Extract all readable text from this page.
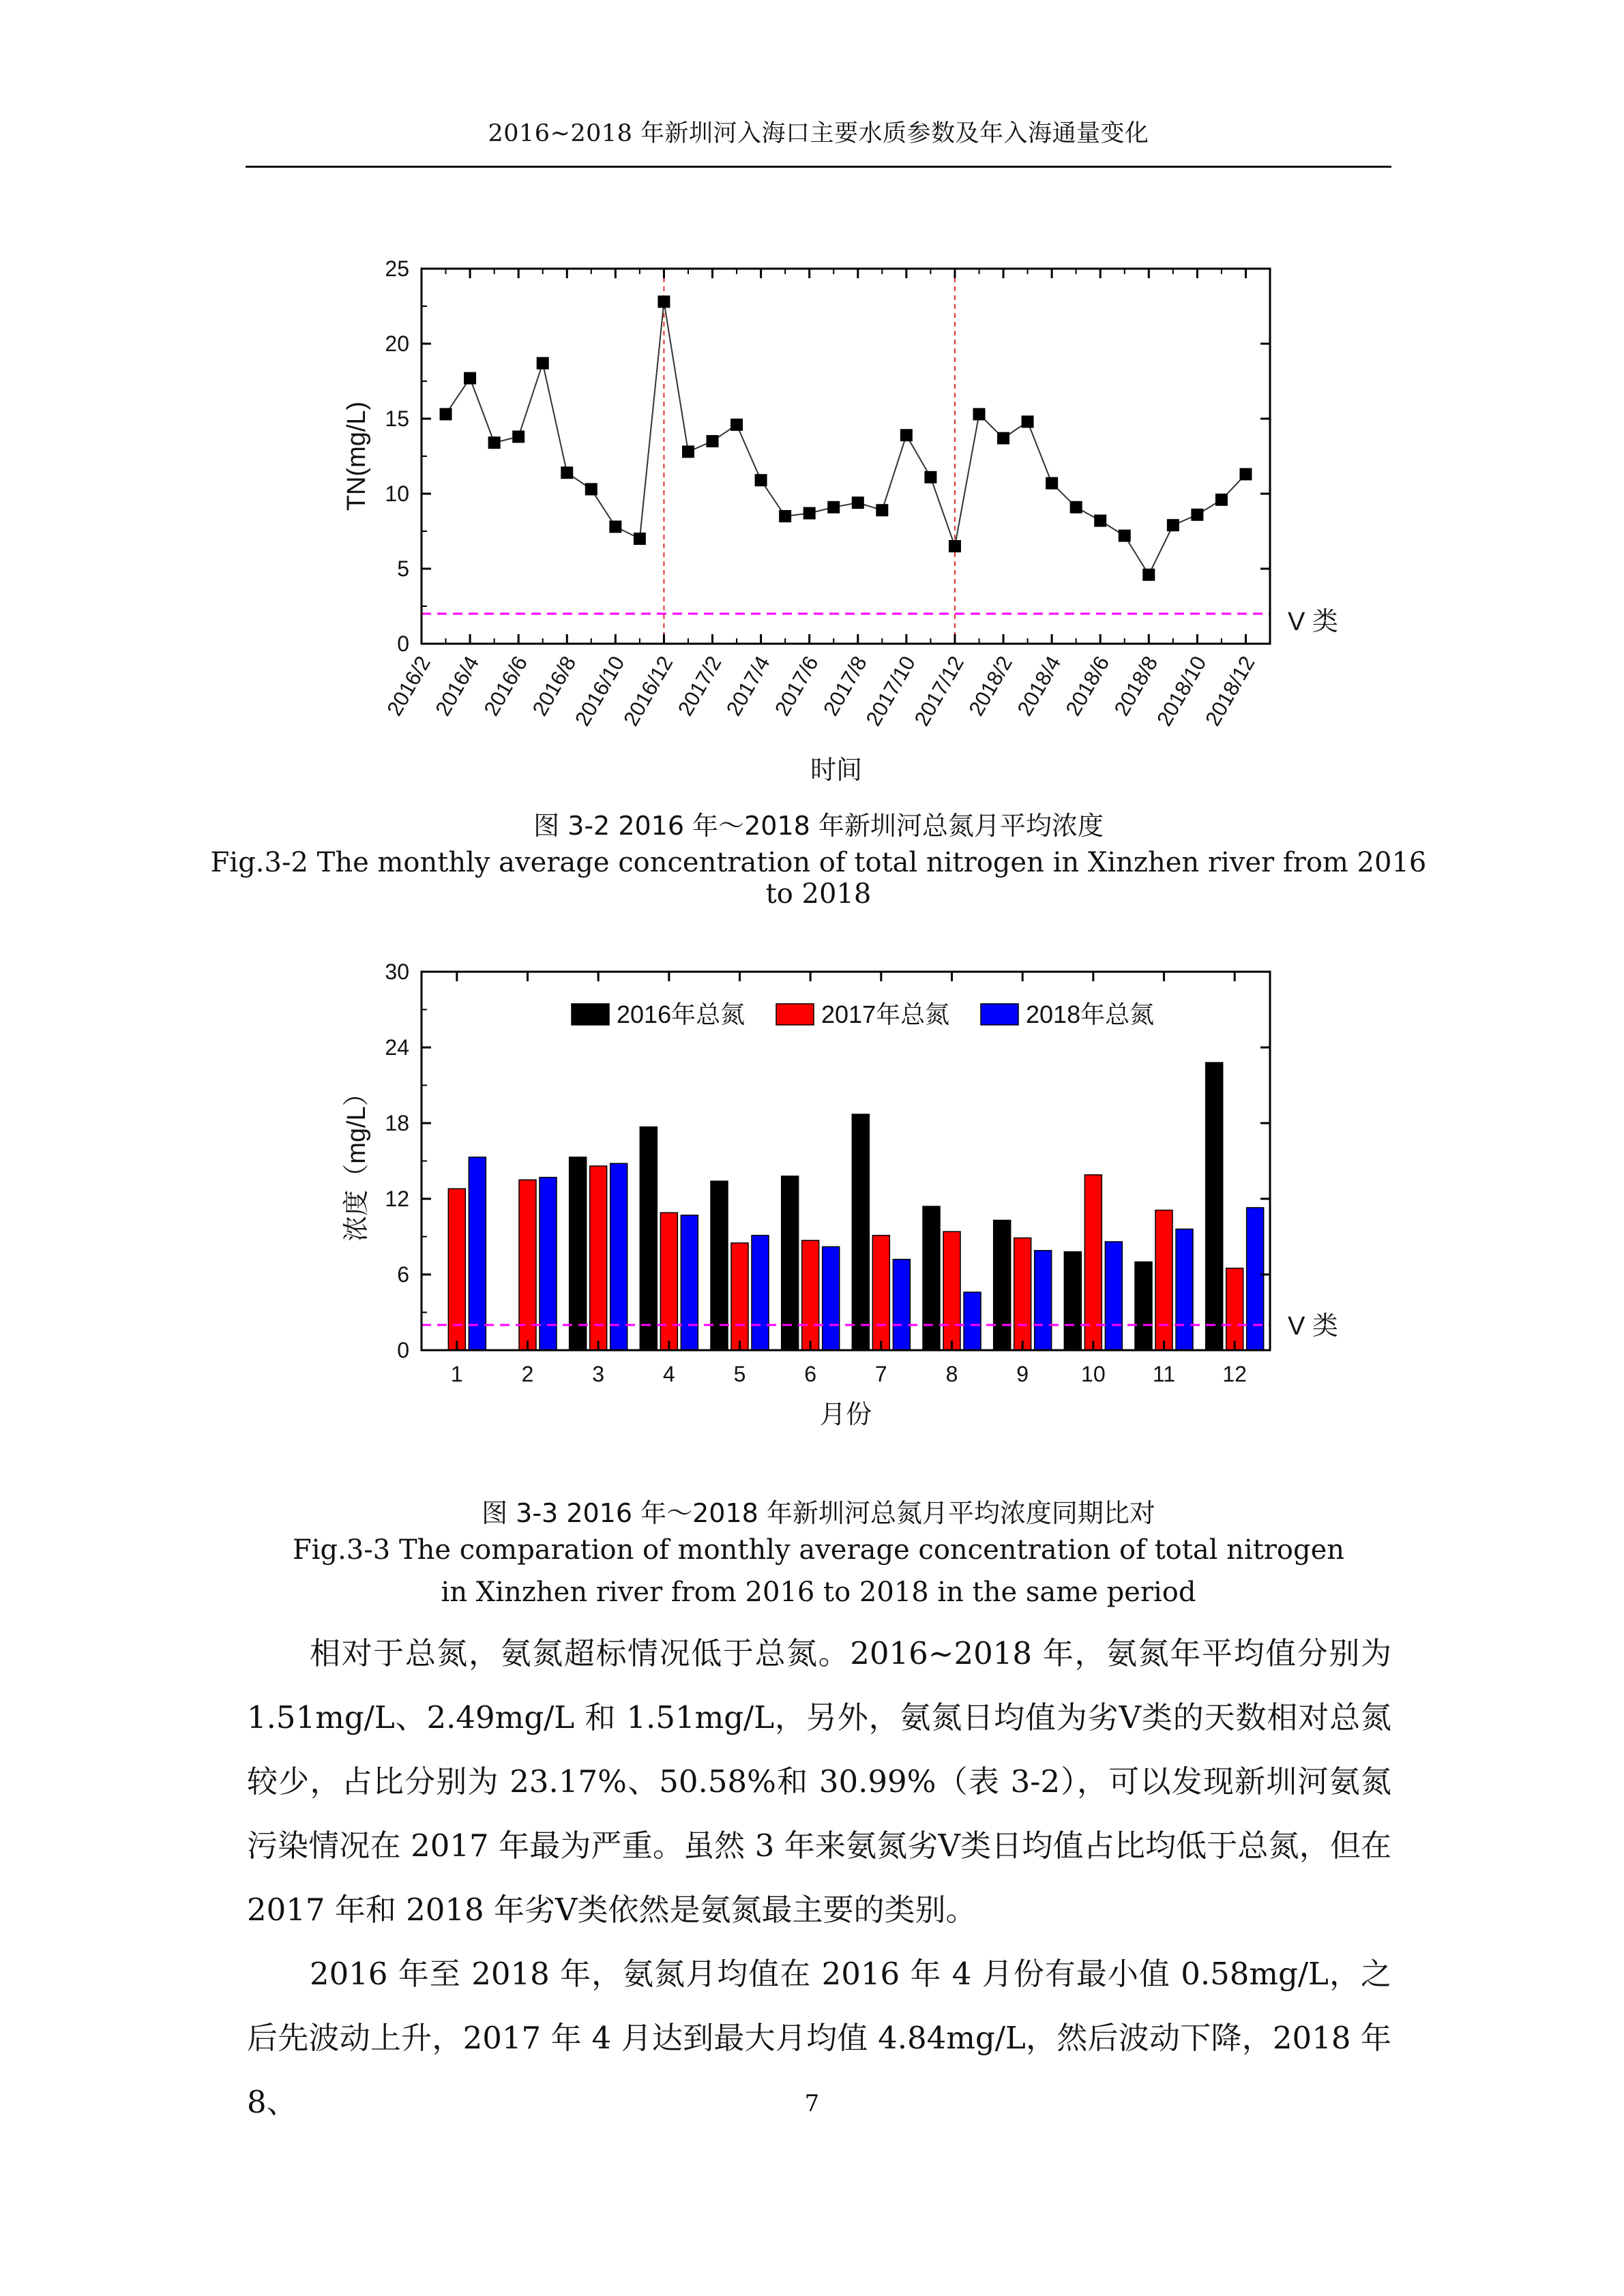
2016~2018 年新圳河入海口主要水质参数及年入海通量变化
0
5
10
15
20
25
2016/2
2016/4
2016/6
2016/8
2016/10
2016/12
2017/2
2017/4
2017/6
2017/8
2017/10
2017/12
2018/2
2018/4
2018/6
2018/8
2018/10
2018/12
TN(mg/L)
时间
V 类
图 3-2 2016 年～2018 年新圳河总氮月平均浓度
Fig.3-2 The monthly average concentration of total nitrogen in Xinzhen river from 2016 to 2018
0
6
12
18
24
30
1	2	3	4	5	6	7	8	9 10 11 12
2016年总氮	2017年总氮	2018年总氮
浓度（mg/L）
月份
V 类
图 3-3 2016 年～2018 年新圳河总氮月平均浓度同期比对
Fig.3-3 The comparation of monthly average concentration of total nitrogen
in Xinzhen river from 2016 to 2018 in the same period

相对于总氮，氨氮超标情况低于总氮。2016~2018 年，氨氮年平均值分别为 1.51mg/L、2.49mg/L 和 1.51mg/L，另外，氨氮日均值为劣Ⅴ类的天数相对总氮较少，占比分别为 23.17%、50.58%和 30.99%（表 3-2），可以发现新圳河氨氮污染情况在 2017 年最为严重。虽然 3 年来氨氮劣Ⅴ类日均值占比均低于总氮，但在 2017 年和 2018 年劣Ⅴ类依然是氨氮最主要的类别。

2016 年至 2018 年，氨氮月均值在 2016 年 4 月份有最小值 0.58mg/L，之后先波动上升，2017 年 4 月达到最大月均值 4.84mg/L，然后波动下降，2018 年 8、	7
